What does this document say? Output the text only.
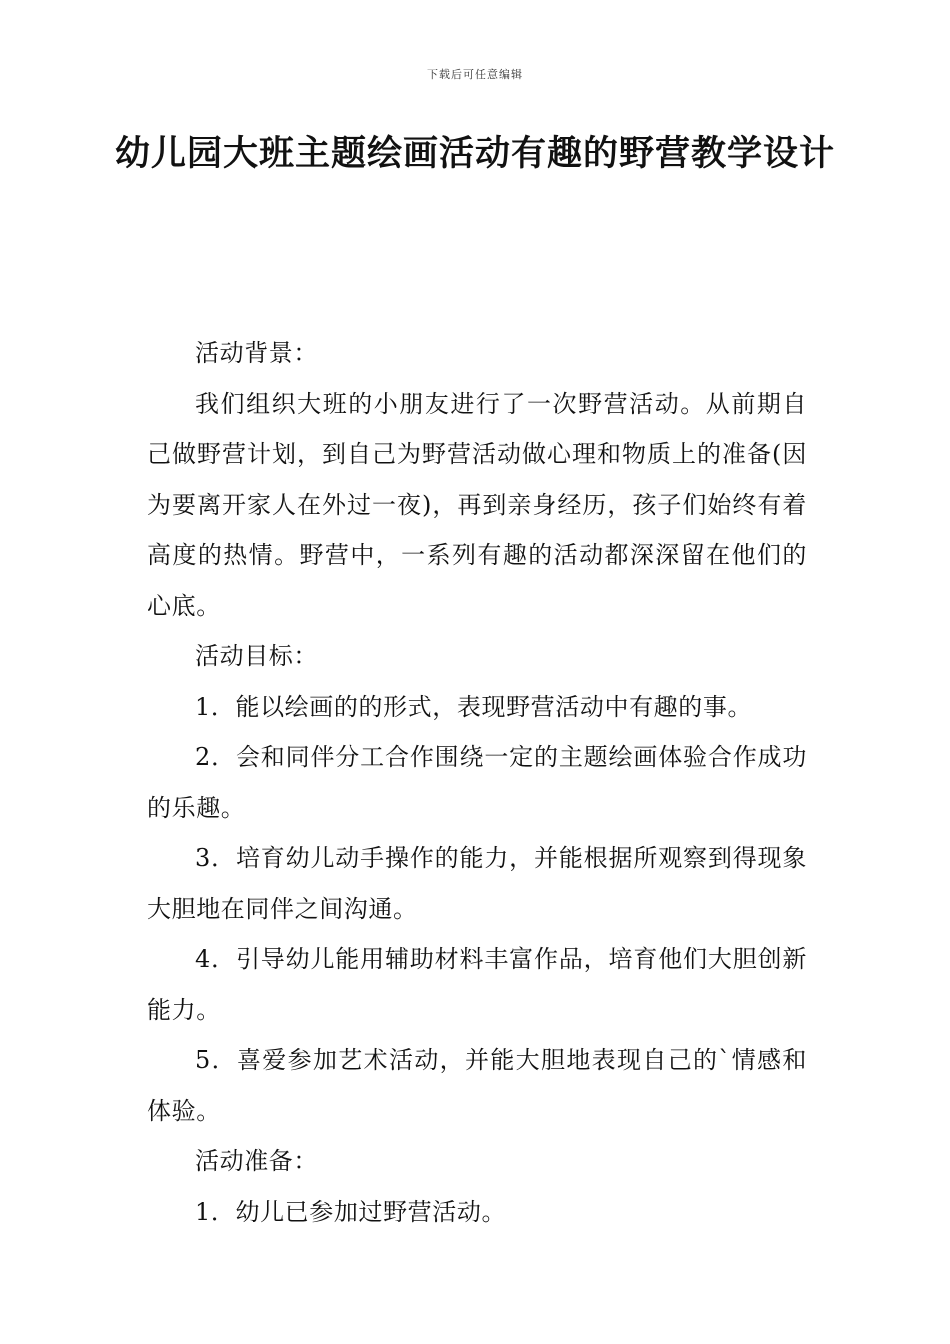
下载后可任意编辑
幼儿园大班主题绘画活动有趣的野营教学设计

活动背景：

我们组织大班的小朋友进行了一次野营活动。从前期自己做野营计划，到自己为野营活动做心理和物质上的准备(因为要离开家人在外过一夜)，再到亲身经历，孩子们始终有着高度的热情。野营中，一系列有趣的活动都深深留在他们的心底。

活动目标：

1．能以绘画的的形式，表现野营活动中有趣的事。

2．会和同伴分工合作围绕一定的主题绘画体验合作成功的乐趣。

3．培育幼儿动手操作的能力，并能根据所观察到得现象大胆地在同伴之间沟通。

4．引导幼儿能用辅助材料丰富作品，培育他们大胆创新能力。

5．喜爱参加艺术活动，并能大胆地表现自己的`情感和体验。

活动准备：

1．幼儿已参加过野营活动。
